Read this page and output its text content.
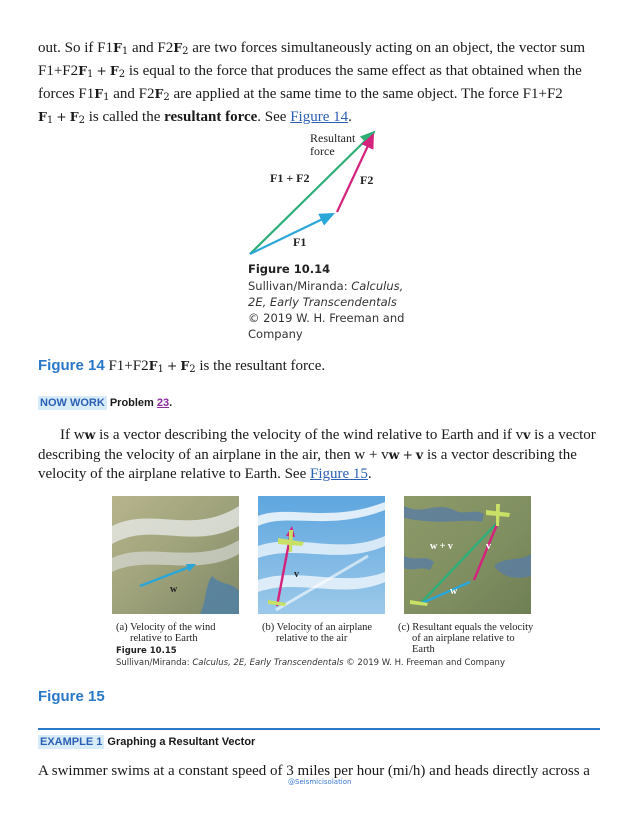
out. So if $F1F_1$ and $F2F_2$ are two forces simultaneously acting on an object, the vector sum $F1+F2F_1 + F_2$ is equal to the force that produces the same effect as that obtained when the forces $F1F_1$ and $F2F_2$ are applied at the same time to the same object. The force F1+F2 $F_1 + F_2$ is called the resultant force. See Figure 14.
Resultant
force
F1 + F2	F2
F1
Figure 10.14
Sullivan/Miranda: Calculus, 2E, Early Transcendentals © 2019 W. H. Freeman and Company
Figure 14 $F1+F2F_1 + F_2$ is the resultant force.
NOW WORK Problem 23.
If ww is a vector describing the velocity of the wind relative to Earth and if vv is a vector describing the velocity of an airplane in the air, then w + vw + v is a vector describing the velocity of the airplane relative to Earth. See Figure 15.
w
v
w + v	v
w
(a) Velocity of the wind
relative to Earth
(b) Velocity of an airplane
relative to the air
(c) Resultant equals the velocity
of an airplane relative to Earth
Figure 10.15
Sullivan/Miranda: Calculus, 2E, Early Transcendentals © 2019 W. H. Freeman and Company
Figure 15
EXAMPLE 1 Graphing a Resultant Vector
A swimmer swims at a constant speed of 3 miles per hour (mi/h) and heads directly across a
@Seismicisolation
